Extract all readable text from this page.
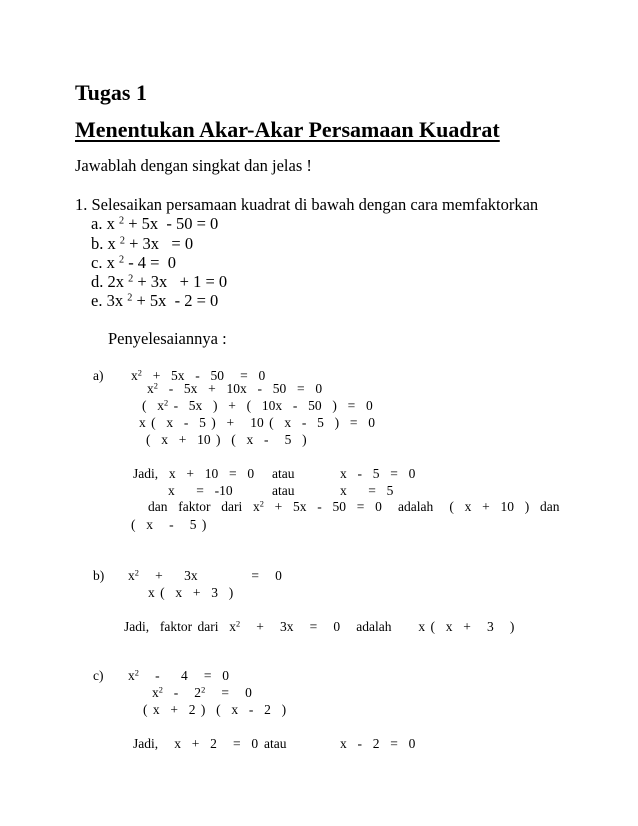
Tugas 1
Menentukan Akar-Akar Persamaan Kuadrat
Jawablah dengan singkat dan jelas !
1. Selesaikan persamaan kuadrat di bawah dengan cara memfaktorkan
a. x $^2$ + 5x  - 50 = 0
b. x $^2$ + 3x   = 0
c. x $^2$ - 4 =  0
d. 2x $^2$ + 3x   + 1 = 0
e. 3x $^2$ + 5x  - 2 = 0
Penyelesaiannya :
a) $x^2 + 5x - 50 = 0$
$x^2 - 5x + 10x - 50 = 0$
(  $x^2 - 5x$  )  +  (  10x  -  50  )  =  0
x (  x  -  5 )  +   10 (  x  -  5  )  =  0
(  x  +  10 )  (  x  -   5  )
Jadi,  x  +  10  =  0 atau	x  -  5  =  0
x    =  -10	atau	x    =  5
dan  faktor  dari  $x^2 + 5x - 50 = 0$   adalah   (  x  +  10  )  dan
(  x   -   5 )
b) $x^2$   +    3x          =   0
x (  x  +  3  )
Jadi,  faktor dari  $x^2 + 3x = 0$   adalah     x (  x  +   3   )
c) $x^2$   -    4   =  0
$x^2 - 2^2 = 0$
( x  +  2 )  (  x  -  2  )
Jadi,   x  +  2   =  0 atau	x  -  2  =  0
